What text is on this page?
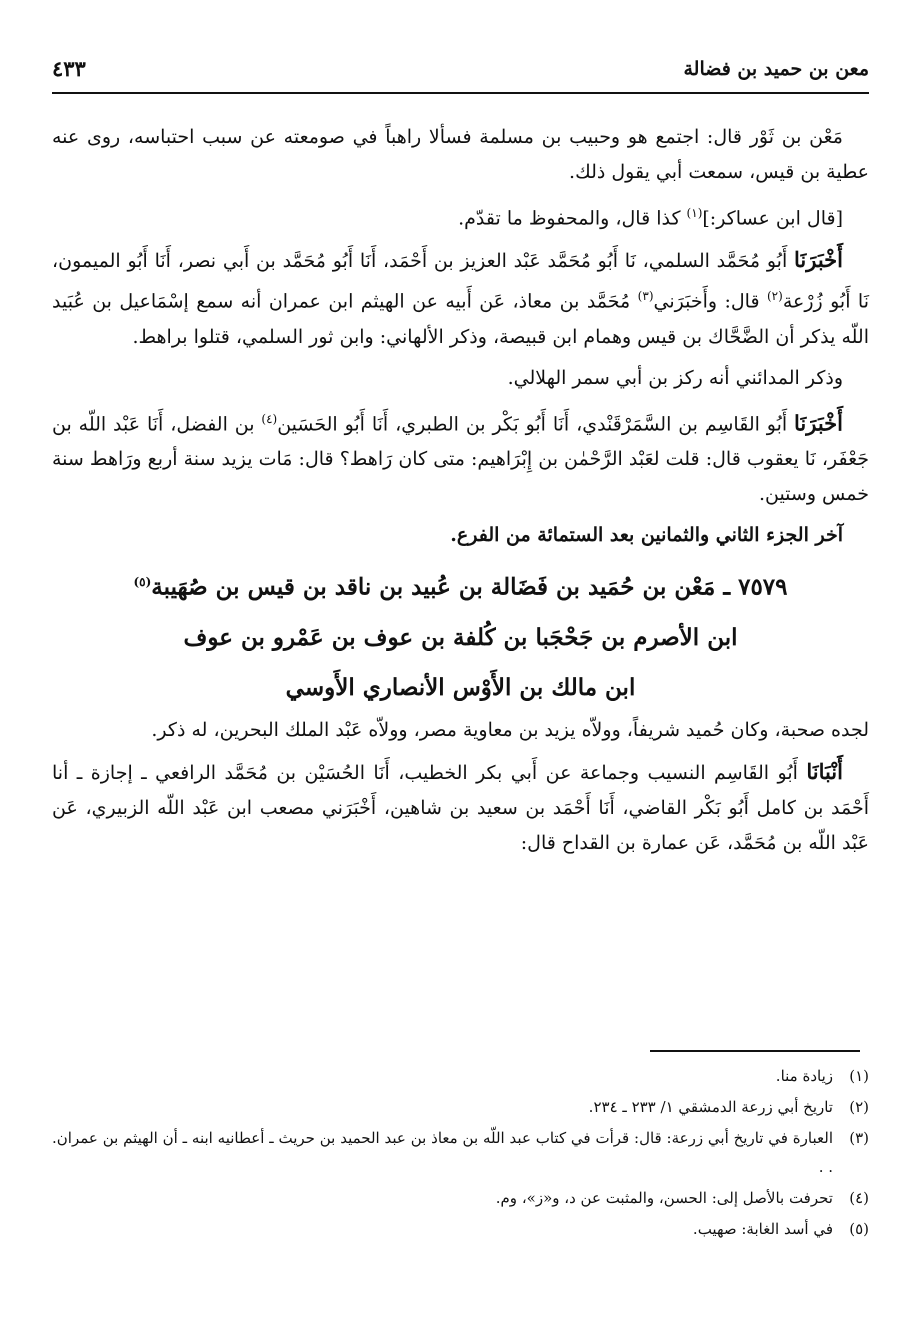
معن بن حميد بن فضالة
٤٣٣

مَعْن بن ثَوْر قال: اجتمع هو وحبيب بن مسلمة فسألا راهباً في صومعته عن سبب احتباسه، روى عنه عطية بن قيس، سمعت أبي يقول ذلك.

[قال ابن عساكر:]$^{(١)}$ كذا قال، والمحفوظ ما تقدّم.

أَخْبَرَنَا أَبُو مُحَمَّد السلمي، نَا أَبُو مُحَمَّد عَبْد العزيز بن أَحْمَد، أَنَا أَبُو مُحَمَّد بن أَبي نصر، أَنَا أَبُو الميمون، نَا أَبُو زُرْعة$^{(٢)}$ قال: وأَخبَرَني$^{(٣)}$ مُحَمَّد بن معاذ، عَن أَبيه عن الهيثم ابن عمران أنه سمع إسْمَاعيل بن عُبَيد اللّه يذكر أن الضَّحَّاك بن قيس وهمام ابن قبيصة، وذكر الألهاني: وابن ثور السلمي، قتلوا براهط.

وذكر المدائني أنه ركز بن أبي سمر الهلالي.

أَخْبَرَنَا أَبُو القَاسِم بن السَّمَرْقَنْدي، أَنَا أَبُو بَكْر بن الطبري، أَنَا أَبُو الحَسَين$^{(٤)}$ بن الفضل، أَنَا عَبْد اللّه بن جَعْفَر، نَا يعقوب قال: قلت لعَبْد الرَّحْمٰن بن إِبْرَاهيم: متى كان رَاهط؟ قال: مَات يزيد سنة أربع ورَاهط سنة خمس وستين.

آخر الجزء الثاني والثمانين بعد الستمائة من الفرع.

٧٥٧٩ ـ مَعْن بن حُمَيد بن فَضَالة بن عُبيد بن ناقد بن قيس بن صُهَيبة$^{(٥)}$

ابن الأصرم بن جَحْجَبا بن كُلفة بن عوف بن عَمْرو بن عوف

ابن مالك بن الأَوْس الأنصاري الأَوسي

لجده صحبة، وكان حُميد شريفاً، وولاّه يزيد بن معاوية مصر، وولاّه عَبْد الملك البحرين، له ذكر.

أَنْبَانَا أَبُو القَاسِم النسيب وجماعة عن أَبي بكر الخطيب، أَنَا الحُسَيْن بن مُحَمَّد الرافعي ـ إجازة ـ أنا أَحْمَد بن كامل أَبُو بَكْر القاضي، أَنَا أَحْمَد بن سعيد بن شاهين، أَخْبَرَني مصعب ابن عَبْد اللّه الزبيري، عَن عَبْد اللّه بن مُحَمَّد، عَن عمارة بن القداح قال:

(١)
زيادة منا.
(٢)
تاريخ أبي زرعة الدمشقي ١/ ٢٣٣ ـ ٢٣٤.
(٣)
العبارة في تاريخ أبي زرعة: قال: قرأت في كتاب عبد اللّه بن معاذ بن عبد الحميد بن حريث ـ أعطانيه ابنه ـ أن الهيثم بن عمران. . .
(٤)
تحرفت بالأصل إلى: الحسن، والمثبت عن د، و«ز»، وم.
(٥)
في أسد الغابة: صهيب.
